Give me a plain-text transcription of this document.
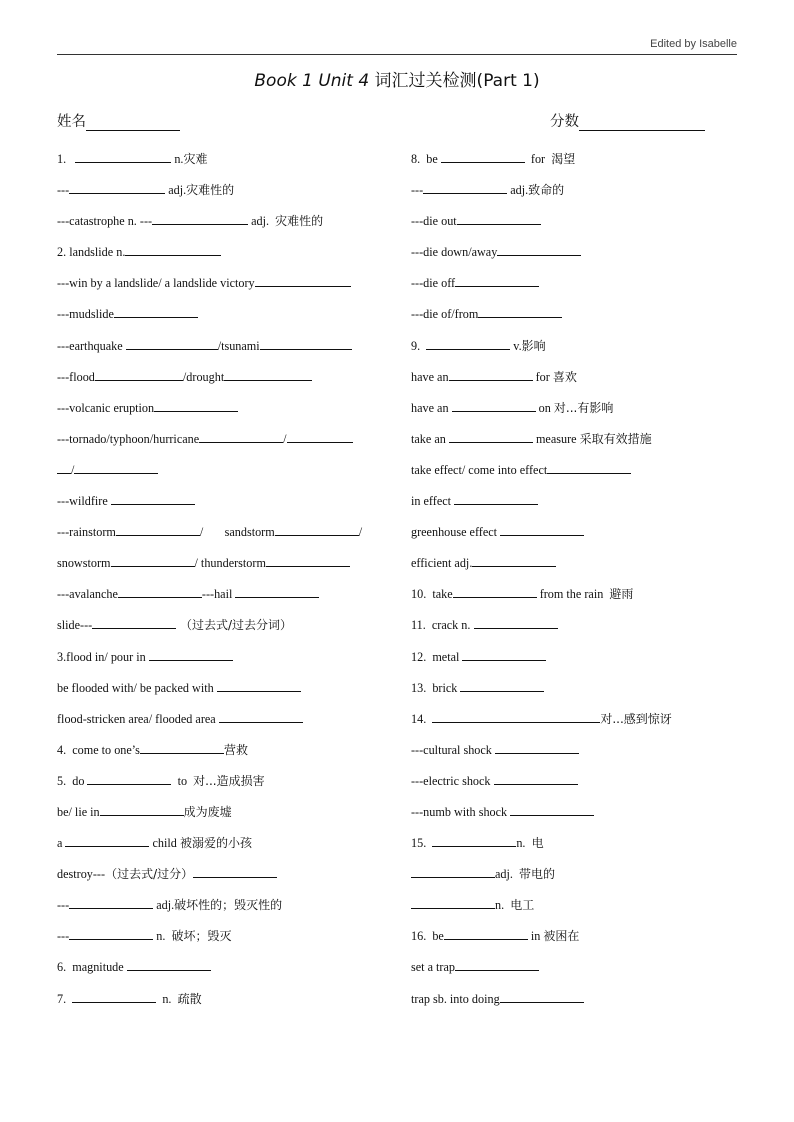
Edited by Isabelle
Book 1 Unit 4 词汇过关检测(Part 1)
姓名	分数
1.	n.灾难
---	adj.灾难性的
---catastrophe n. ---	adj.  灾难性的
2. landslide n.
---win by a landslide/ a landslide victory
---mudslide
---earthquake	/tsunami
---flood	/drought
---volcanic eruption
---tornado/typhoon/hurricane	/
/
---wildfire
---rainstorm	/       sandstorm	/
snowstorm	/ thunderstorm
---avalanche	---hail
slide---	（过去式/过去分词）
3.flood in/ pour in
be flooded with/ be packed with
flood-stricken area/ flooded area
4.  come to one’s	营救
5.  do	to  对...造成损害
be/ lie in	成为废墟
a	child 被溺爱的小孩
destroy---（过去式/过分）
---	adj.破坏性的；毁灭性的
---	n.  破坏；毁灭
6.  magnitude
7.	n.  疏散
8.  be	for  渴望
---	adj.致命的
---die out
---die down/away
---die off
---die of/from
9.	v.影响
have an	for 喜欢
have an	on 对...有影响
take an	measure 采取有效措施
take effect/ come into effect
in effect
greenhouse effect
efficient adj.
10.  take	from the rain  避雨
11.  crack n.
12.  metal
13.  brick
14.	对...感到惊讶
---cultural shock
---electric shock
---numb with shock
15.	n.  电
adj.  带电的
n.  电工
16.  be	in 被困在
set a trap
trap sb. into doing
